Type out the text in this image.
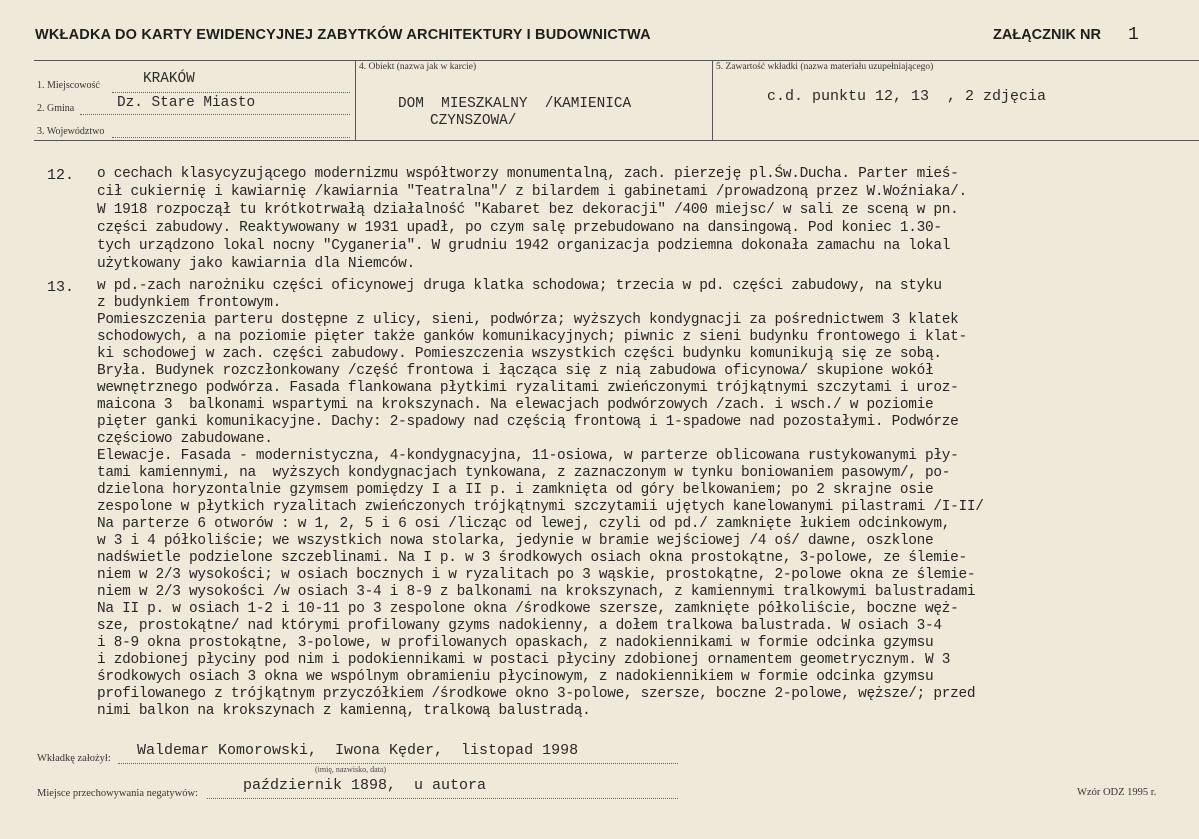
WKŁADKA DO KARTY EWIDENCYJNEJ ZABYTKÓW ARCHITEKTURY I BUDOWNICTWA	ZAŁĄCZNIK NR 1
1. Miejscowość	KRAKÓW
2. Gmina	Dz. Stare Miasto
3. Województwo
4. Obiekt (nazwa jak w karcie)
DOM  MIESZKALNY  /KAMIENICA
CZYNSZOWA/
5. Zawartość wkładki (nazwa materiału uzupełniającego)
c.d. punktu 12, 13  , 2 zdjęcia
12. o cechach klasycyzującego modernizmu współtworzy monumentalną, zach. pierzeję pl.Św.Ducha. Parter mieś-
cił cukiernię i kawiarnię /kawiarnia "Teatralna"/ z bilardem i gabinetami /prowadzoną przez W.Woźniaka/.
W 1918 rozpoczął tu krótkotrwałą działalność "Kabaret bez dekoracji" /400 miejsc/ w sali ze sceną w pn.
części zabudowy. Reaktywowany w 1931 upadł, po czym salę przebudowano na dansingową. Pod koniec 1.30-
tych urządzono lokal nocny "Cyganeria". W grudniu 1942 organizacja podziemna dokonała zamachu na lokal
użytkowany jako kawiarnia dla Niemców.
13. w pd.-zach narożniku części oficynowej druga klatka schodowa; trzecia w pd. części zabudowy, na styku
z budynkiem frontowym.
Pomieszczenia parteru dostępne z ulicy, sieni, podwórza; wyższych kondygnacji za pośrednictwem 3 klatek
schodowych, a na poziomie pięter także ganków komunikacyjnych; piwnic z sieni budynku frontowego i klat-
ki schodowej w zach. części zabudowy. Pomieszczenia wszystkich części budynku komunikują się ze sobą.
Bryła. Budynek rozczłonkowany /część frontowa i łącząca się z nią zabudowa oficynowa/ skupione wokół
wewnętrznego podwórza. Fasada flankowana płytkimi ryzalitami zwieńczonymi trójkątnymi szczytami i uroz-
maicona 3  balkonami wspartymi na krokszynach. Na elewacjach podwórzowych /zach. i wsch./ w poziomie
pięter ganki komunikacyjne. Dachy: 2-spadowy nad częścią frontową i 1-spadowe nad pozostałymi. Podwórze
częściowo zabudowane.
Elewacje. Fasada - modernistyczna, 4-kondygnacyjna, 11-osiowa, w parterze oblicowana rustykowanymi pły-
tami kamiennymi, na  wyższych kondygnacjach tynkowana, z zaznaczonym w tynku boniowaniem pasowym/, po-
dzielona horyzontalnie gzymsem pomiędzy I a II p. i zamknięta od góry belkowaniem; po 2 skrajne osie
zespolone w płytkich ryzalitach zwieńczonych trójkątnymi szczytamii ujętych kanelowanymi pilastrami /I-II/
Na parterze 6 otworów : w 1, 2, 5 i 6 osi /licząc od lewej, czyli od pd./ zamknięte łukiem odcinkowym,
w 3 i 4 półkoliście; we wszystkich nowa stolarka, jedynie w bramie wejściowej /4 oś/ dawne, oszklone
nadświetle podzielone szczeblinami. Na I p. w 3 środkowych osiach okna prostokątne, 3-polowe, ze ślemie-
niem w 2/3 wysokości; w osiach bocznych i w ryzalitach po 3 wąskie, prostokątne, 2-polowe okna ze ślemie-
niem w 2/3 wysokości /w osiach 3-4 i 8-9 z balkonami na krokszynach, z kamiennymi tralkowymi balustradami
Na II p. w osiach 1-2 i 10-11 po 3 zespolone okna /środkowe szersze, zamknięte półkoliście, boczne węż-
sze, prostokątne/ nad którymi profilowany gzyms nadokienny, a dołem tralkowa balustrada. W osiach 3-4
i 8-9 okna prostokątne, 3-polowe, w profilowanych opaskach, z nadokiennikami w formie odcinka gzymsu
i zdobionej płyciny pod nim i podokiennikami w postaci płyciny zdobionej ornamentem geometrycznym. W 3
środkowych osiach 3 okna we wspólnym obramieniu płycinowym, z nadokiennikiem w formie odcinka gzymsu
profilowanego z trójkątnym przyczółkiem /środkowe okno 3-polowe, szersze, boczne 2-polowe, węższe/; przed
nimi balkon na krokszynach z kamienną, tralkową balustradą.
Wkładkę założył: Waldemar Komorowski,  Iwona Kęder,  listopad 1998
(imię, nazwisko, data)
Miejsce przechowywania negatywów:	październik 1898,  u autora	Wzór ODZ 1995 r.
